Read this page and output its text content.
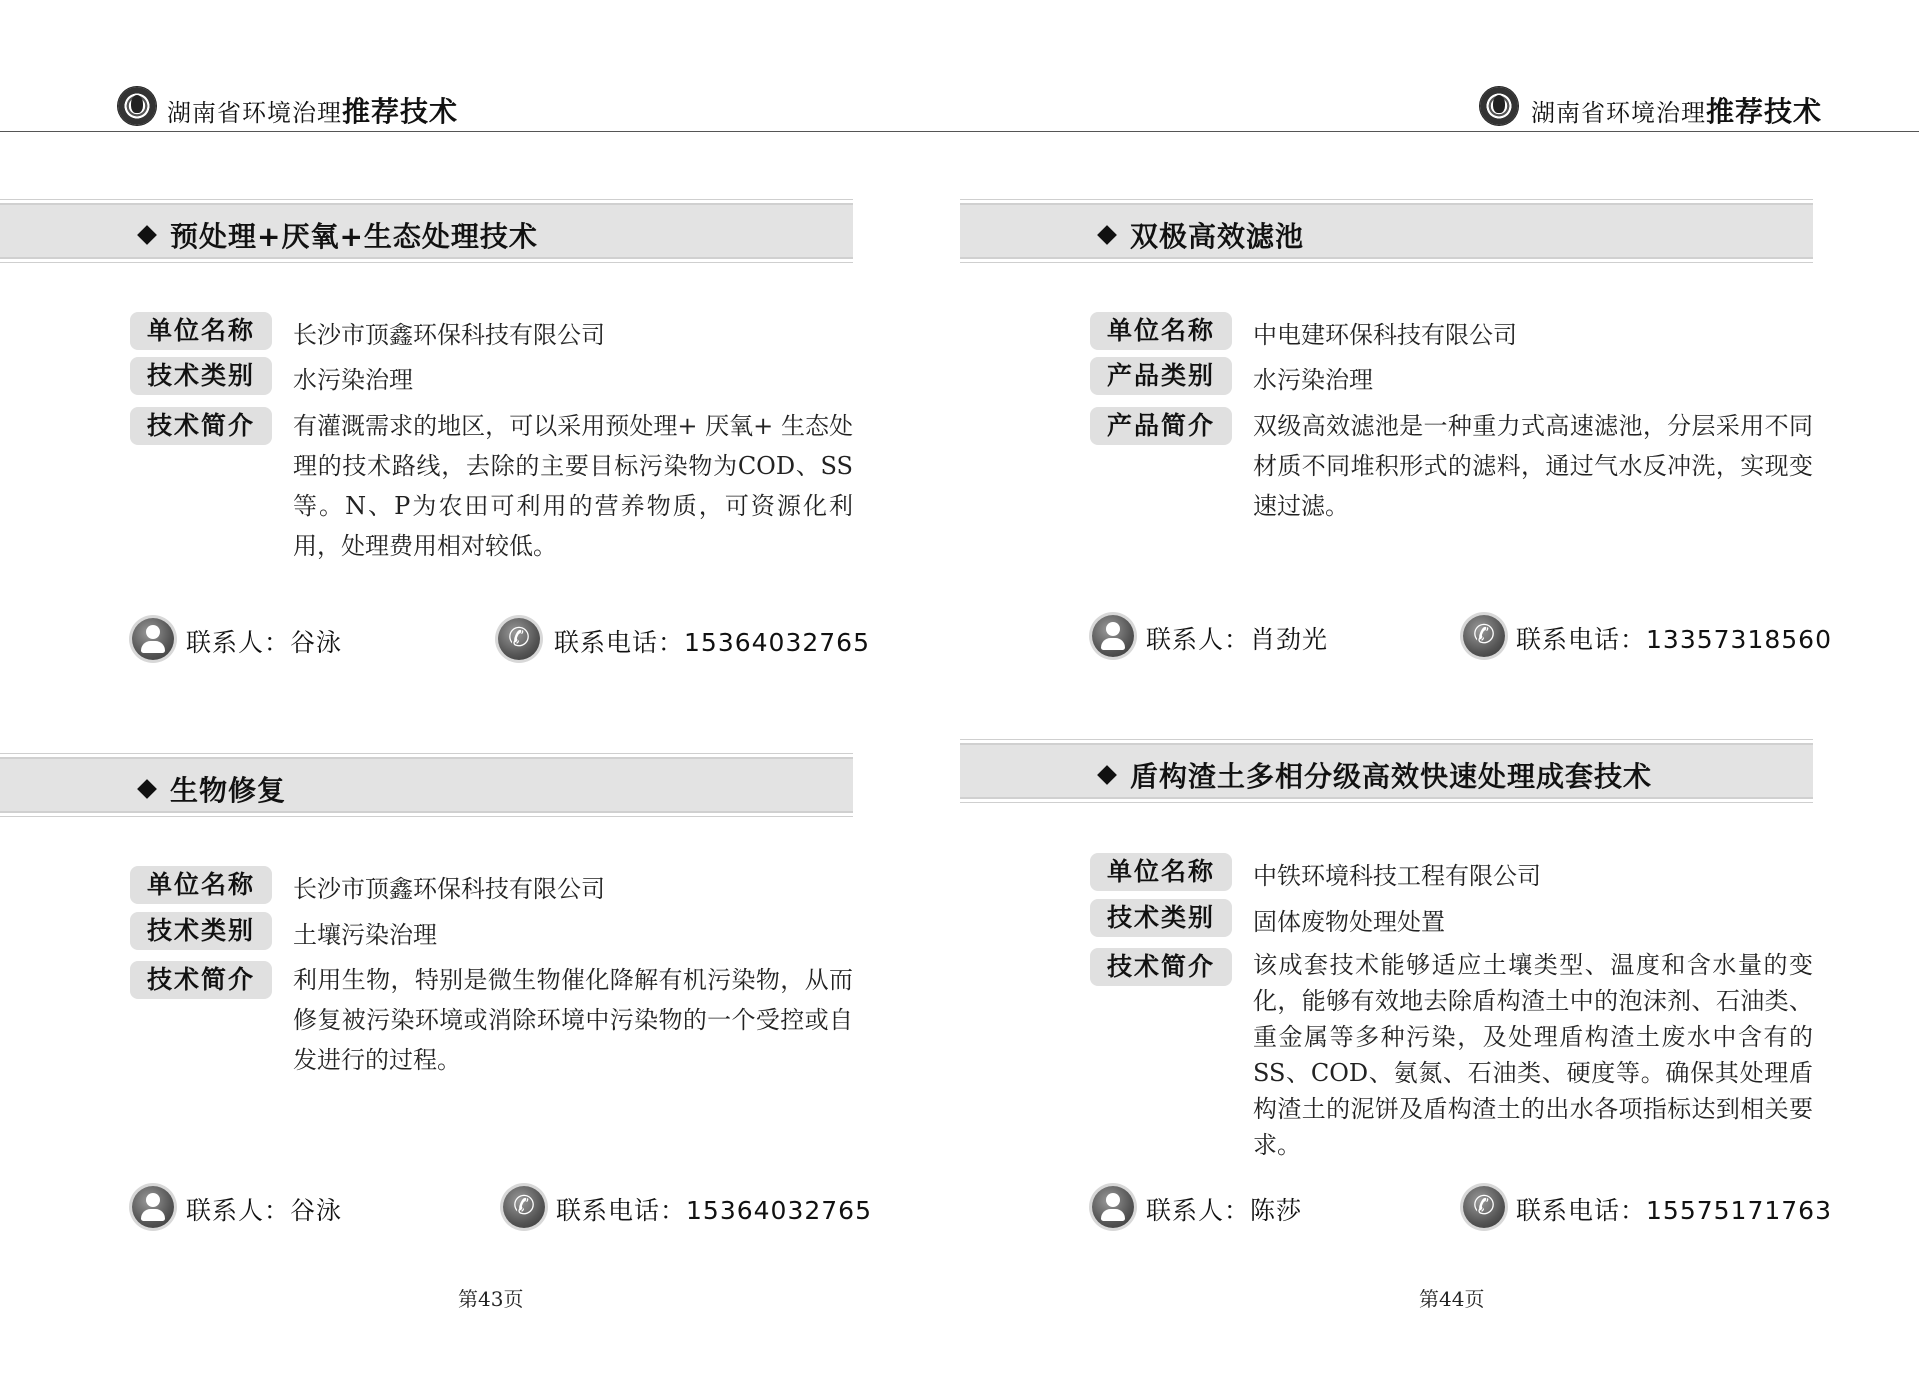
湖南省环境治理推荐技术
预处理+厌氧+生态处理技术
单位名称	长沙市顶鑫环保科技有限公司
技术类别	水污染治理
技术简介	有灌溉需求的地区，可以采用预处理+ 厌氧+ 生态处理的技术路线，去除的主要目标污染物为COD、SS 等。N、P为农田可利用的营养物质，可资源化利用，处理费用相对较低。
联系人：谷泳 ✆	联系电话：15364032765
生物修复
单位名称	长沙市顶鑫环保科技有限公司
技术类别	土壤污染治理
技术简介	利用生物，特别是微生物催化降解有机污染物，从而修复被污染环境或消除环境中污染物的一个受控或自发进行的过程。
联系人：谷泳 ✆	联系电话：15364032765
第43页
湖南省环境治理推荐技术
双极高效滤池
单位名称	中电建环保科技有限公司
产品类别	水污染治理
产品简介	双级高效滤池是一种重力式高速滤池，分层采用不同材质不同堆积形式的滤料，通过气水反冲洗，实现变速过滤。
联系人：肖劲光 ✆	联系电话：13357318560
盾构渣土多相分级高效快速处理成套技术
单位名称	中铁环境科技工程有限公司
技术类别	固体废物处理处置
技术简介	该成套技术能够适应土壤类型、温度和含水量的变化，能够有效地去除盾构渣土中的泡沫剂、石油类、重金属等多种污染，及处理盾构渣土废水中含有的SS、COD、氨氮、石油类、硬度等。确保其处理盾构渣土的泥饼及盾构渣土的出水各项指标达到相关要求。
联系人：陈莎 ✆	联系电话：15575171763
第44页
